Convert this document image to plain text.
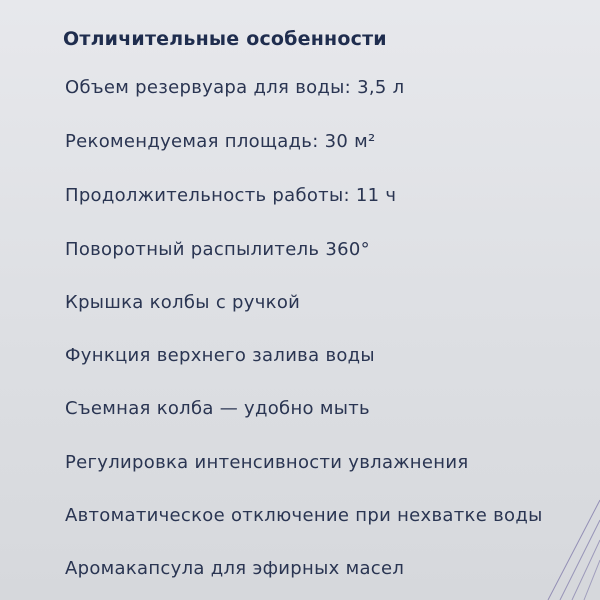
Отличительные особенности
Объем резервуара для воды: 3,5 л
Рекомендуемая площадь: 30 м²
Продолжительность работы: 11 ч
Поворотный распылитель 360°
Крышка колбы с ручкой
Функция верхнего залива воды
Съемная колба — удобно мыть
Регулировка интенсивности увлажнения
Автоматическое отключение при нехватке воды
Аромакапсула для эфирных масел
